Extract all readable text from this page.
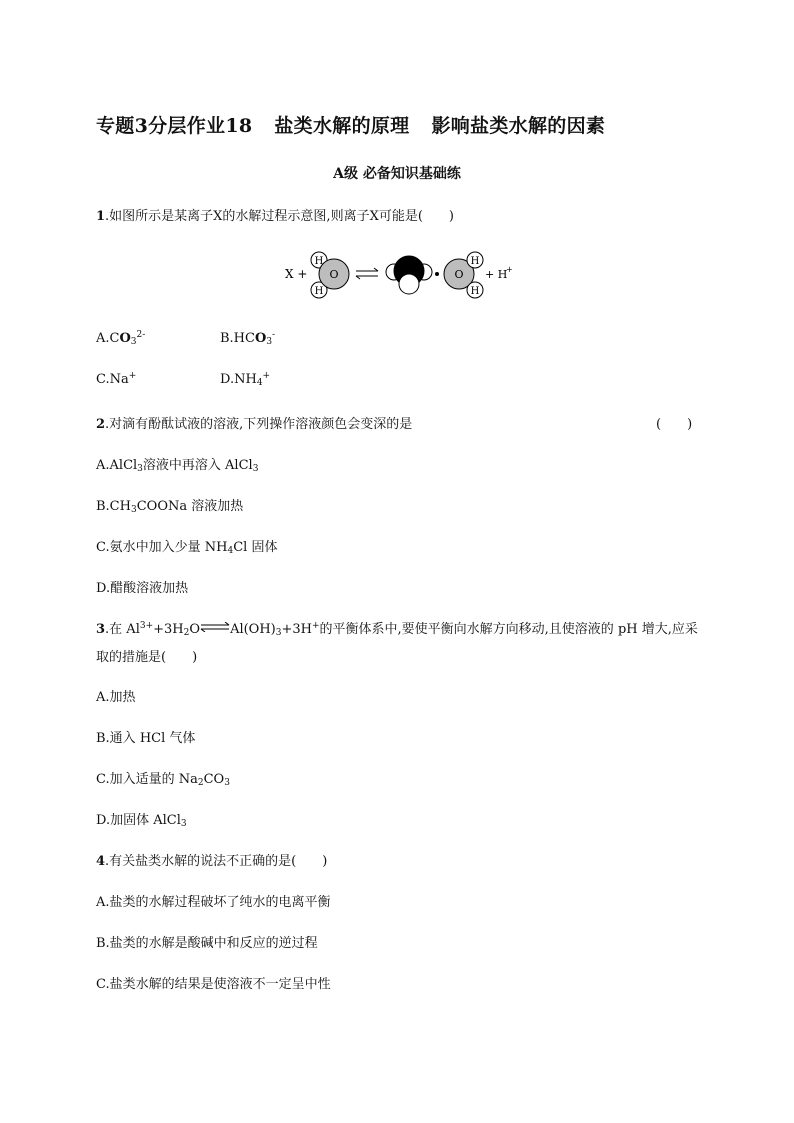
专题3分层作业18 盐类水解的原理 影响盐类水解的因素
A级 必备知识基础练
1.如图所示是某离子X的水解过程示意图,则离子X可能是(　　)
X +
H
H
O	O
H
H
+ H
+
$A.CO_3^{2-}$	$B.HCO_3^-$
C.Na+	$D.NH_4^+$
2.对滴有酚酞试液的溶液,下列操作溶液颜色会变深的是	(　　)
A.AlCl$_3$溶液中再溶入 AlCl$_3$
$B.CH_3COONa$ 溶液加热
C.氨水中加入少量 $NH_4Cl$ 固体
D.醋酸溶液加热
3.在 $Al^{3+}+3H_2O\rightleftharpoons Al(OH)_3+3H^+$的平衡体系中,要使平衡向水解方向移动,且使溶液的 pH 增大,应采
取的措施是(　　)
A.加热
B.通入 HCl 气体
C.加入适量的 $Na_2CO_3$
D.加固体 AlCl$_3$
4.有关盐类水解的说法不正确的是(　　)
A.盐类的水解过程破坏了纯水的电离平衡
B.盐类的水解是酸碱中和反应的逆过程
C.盐类水解的结果是使溶液不一定呈中性
